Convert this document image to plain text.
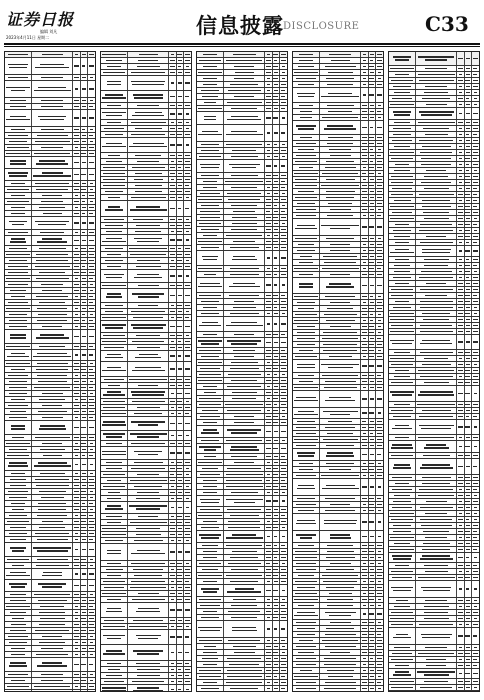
证券日报
编辑 刘凡
2023年4月11日 星期二	信息披露 DISCLOSURE	C33
